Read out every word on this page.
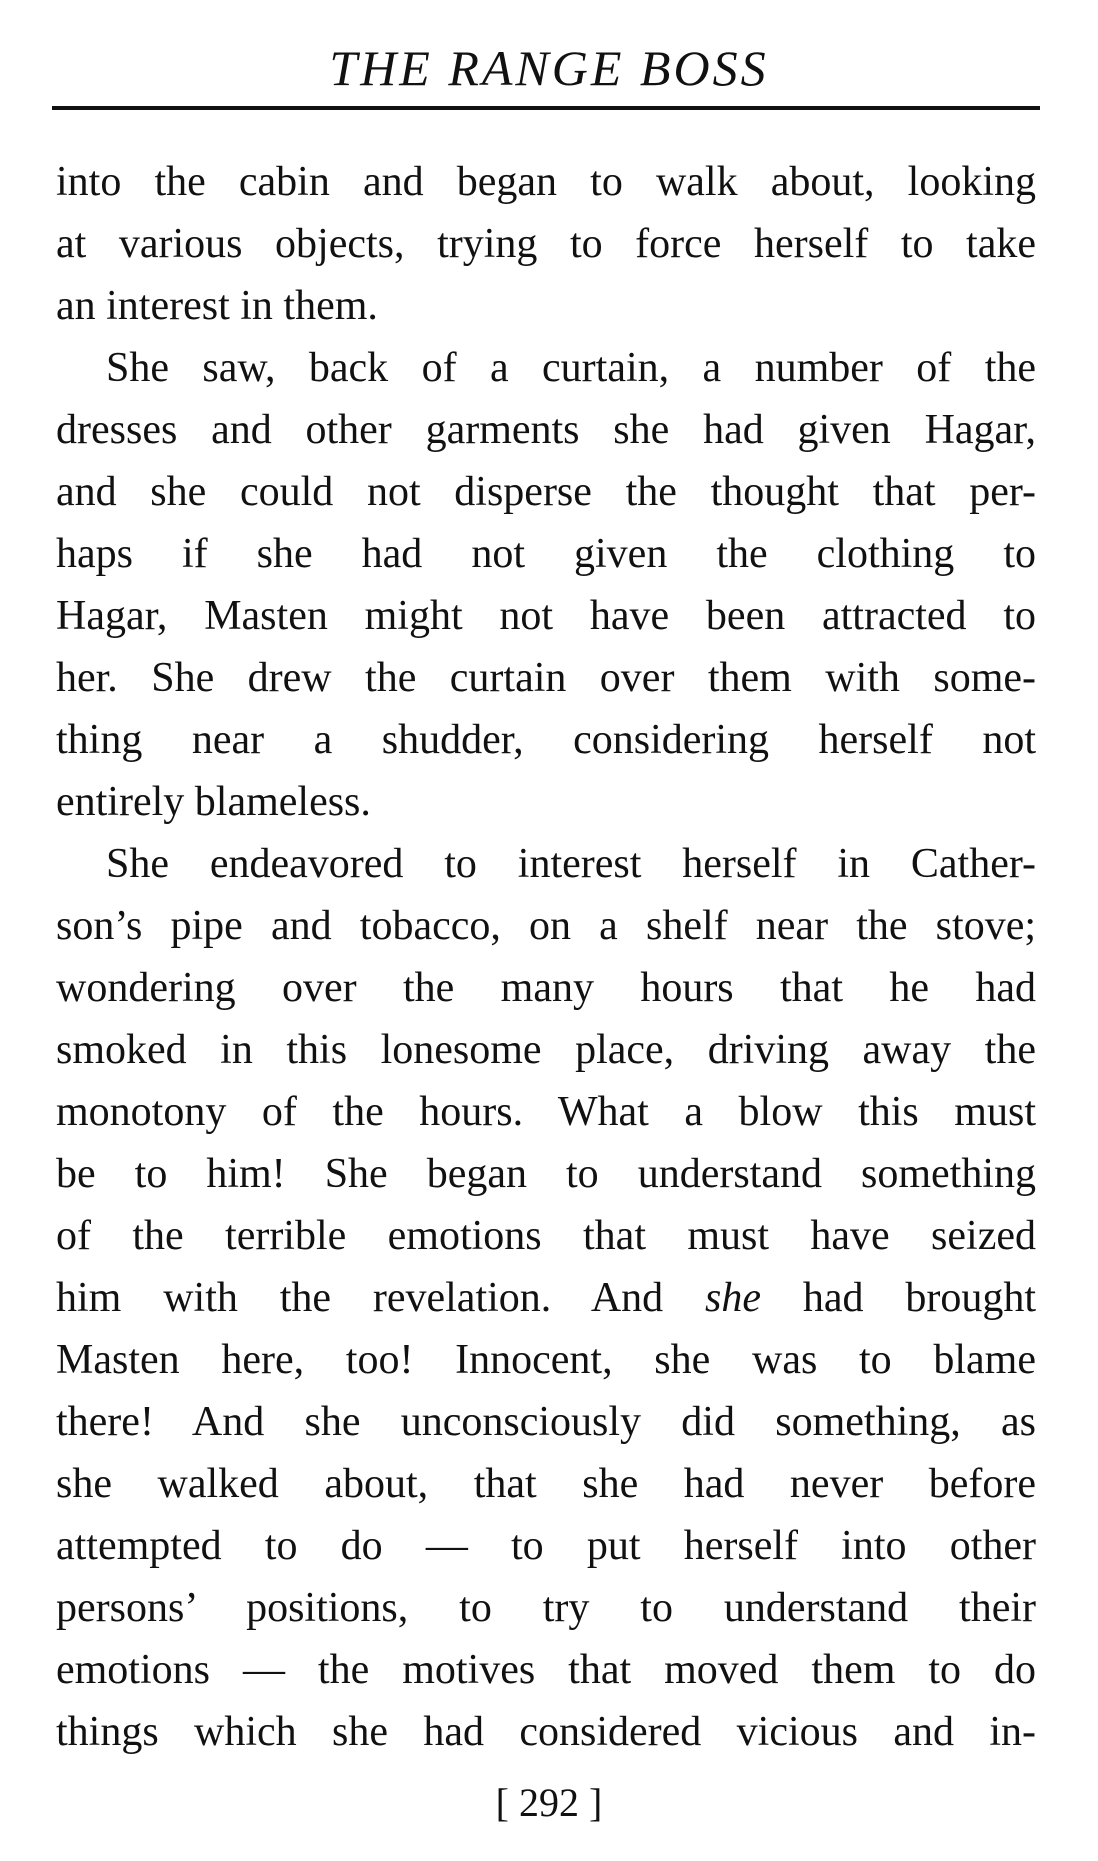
THE RANGE BOSS
into the cabin and began to walk about, looking
at various objects, trying to force herself to take
an interest in them.
She saw, back of a curtain, a number of the
dresses and other garments she had given Hagar,
and she could not disperse the thought that per-
haps if she had not given the clothing to
Hagar, Masten might not have been attracted to
her. She drew the curtain over them with some-
thing near a shudder, considering herself not
entirely blameless.
She endeavored to interest herself in Cather-
son’s pipe and tobacco, on a shelf near the stove;
wondering over the many hours that he had
smoked in this lonesome place, driving away the
monotony of the hours. What a blow this must
be to him! She began to understand something
of the terrible emotions that must have seized
him with the revelation. And she had brought
Masten here, too! Innocent, she was to blame
there! And she unconsciously did something, as
she walked about, that she had never before
attempted to do — to put herself into other
persons’ positions, to try to understand their
emotions — the motives that moved them to do
things which she had considered vicious and in-
[ 292 ]
